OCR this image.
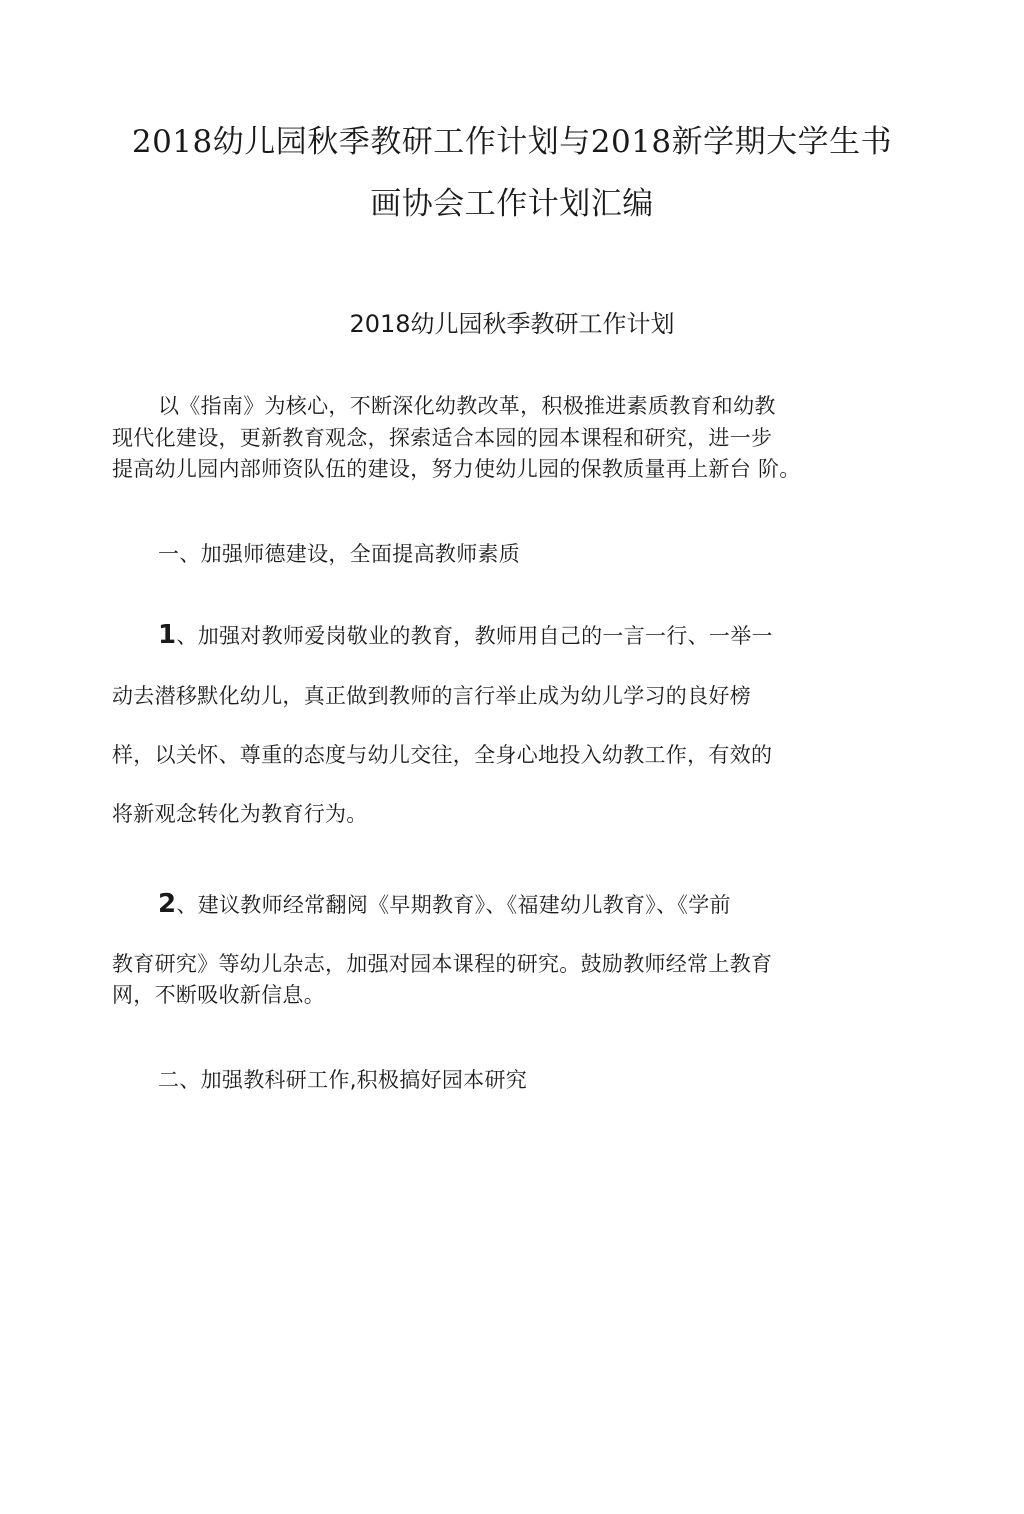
2018幼儿园秋季教研工作计划与2018新学期大学生书
画协会工作计划汇编
2018幼儿园秋季教研工作计划
以《指南》为核心，不断深化幼教改革，积极推进素质教育和幼教
现代化建设，更新教育观念，探索适合本园的园本课程和研究，进一步
提高幼儿园内部师资队伍的建设，努力使幼儿园的保教质量再上新台 阶。
一、加强师德建设，全面提高教师素质
1、加强对教师爱岗敬业的教育，教师用自己的一言一行、一举一
动去潜移默化幼儿，真正做到教师的言行举止成为幼儿学习的良好榜
样，以关怀、尊重的态度与幼儿交往，全身心地投入幼教工作，有效的
将新观念转化为教育行为。
2、建议教师经常翻阅《早期教育》、《福建幼儿教育》、《学前
教育研究》等幼儿杂志，加强对园本课程的研究。鼓励教师经常上教育
网，不断吸收新信息。
二、加强教科研工作,积极搞好园本研究
